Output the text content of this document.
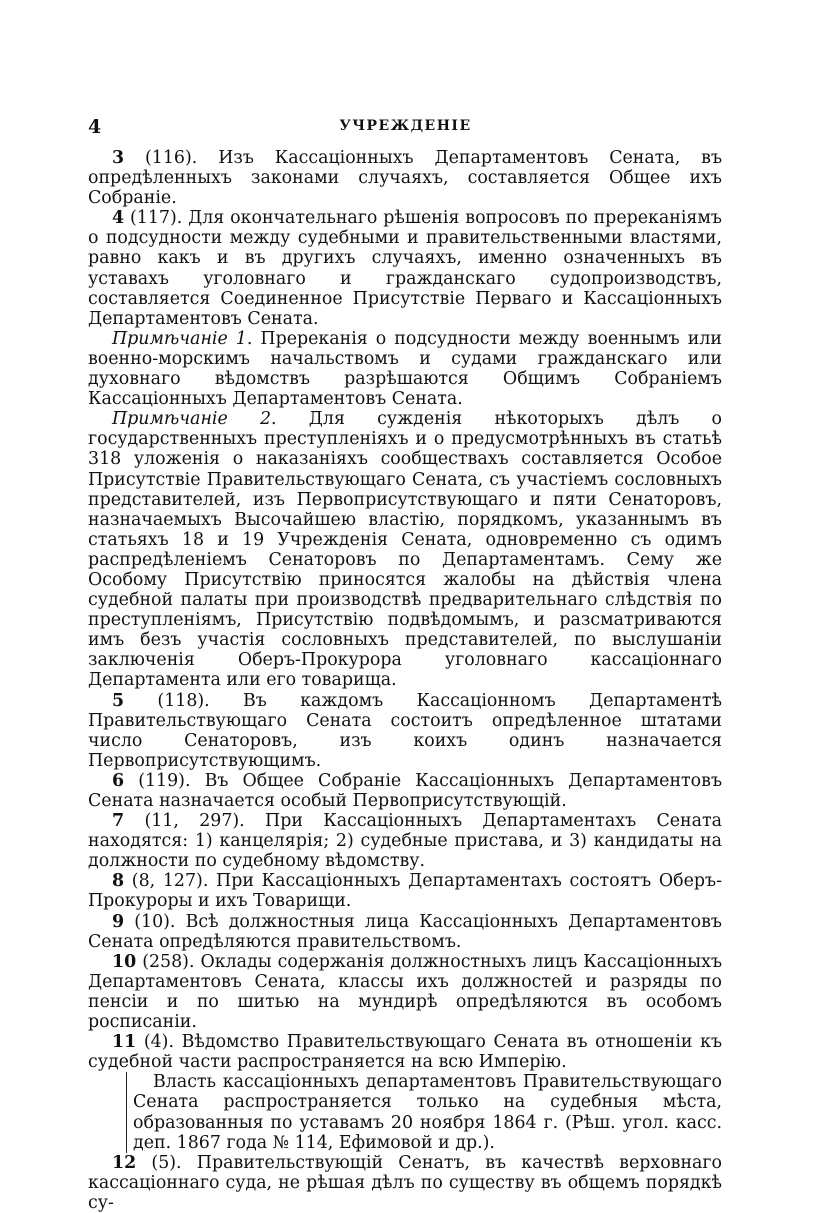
4	УЧРЕЖДЕНІЕ

3 (116). Изъ Кассаціонныхъ Департаментовъ Сената, въ опредѣленныхъ законами случаяхъ, составляется Общее ихъ Собраніе.

4 (117). Для окончательнаго рѣшенія вопросовъ по пререканіямъ о подсудности между судебными и правительственными властями, равно какъ и въ другихъ случаяхъ, именно означенныхъ въ уставахъ уголовнаго и гражданскаго судопроизводствъ, составляется Соединенное Присутствіе Перваго и Кассаціонныхъ Департаментовъ Сената.

Примѣчаніе 1. Пререканія о подсудности между военнымъ или военно-морскимъ начальствомъ и судами гражданскаго или духовнаго вѣдомствъ разрѣшаются Общимъ Собраніемъ Кассаціонныхъ Департаментовъ Сената.

Примѣчаніе 2. Для сужденія нѣкоторыхъ дѣлъ о государственныхъ преступленіяхъ и о предусмотрѣнныхъ въ статьѣ 318 уложенія о наказаніяхъ сообществахъ составляется Особое Присутствіе Правительствующаго Сената, съ участіемъ сословныхъ представителей, изъ Первоприсутствующаго и пяти Сенаторовъ, назначаемыхъ Высочайшею властію, порядкомъ, указаннымъ въ статьяхъ 18 и 19 Учрежденія Сената, одновременно съ одимъ распредѣленіемъ Сенаторовъ по Департаментамъ. Сему же Особому Присутствію приносятся жалобы на дѣйствія члена судебной палаты при производствѣ предварительнаго слѣдствія по преступленіямъ, Присутствію подвѣдомымъ, и разсматриваются имъ безъ участія сословныхъ представителей, по выслушаніи заключенія Оберъ-Прокурора уголовнаго кассаціоннаго Департамента или его товарища.

5 (118). Въ каждомъ Кассаціонномъ Департаментѣ Правительствующаго Сената состоитъ опредѣленное штатами число Сенаторовъ, изъ коихъ одинъ назначается Первоприсутствующимъ.

6 (119). Въ Общее Собраніе Кассаціонныхъ Департаментовъ Сената назначается особый Первоприсутствующій.

7 (11, 297). При Кассаціонныхъ Департаментахъ Сената находятся: 1) канцелярія; 2) судебные пристава, и 3) кандидаты на должности по судебному вѣдомству.

8 (8, 127). При Кассаціонныхъ Департаментахъ состоятъ Оберъ-Прокуроры и ихъ Товарищи.

9 (10). Всѣ должностныя лица Кассаціонныхъ Департаментовъ Сената опредѣляются правительствомъ.

10 (258). Оклады содержанія должностныхъ лицъ Кассаціонныхъ Департаментовъ Сената, классы ихъ должностей и разряды по пенсіи и по шитью на мундирѣ опредѣляются въ особомъ росписаніи.

11 (4). Вѣдомство Правительствующаго Сената въ отношеніи къ судебной части распространяется на всю Имперію.

Власть кассаціонныхъ департаментовъ Правительствующаго Сената распространяется только на судебныя мѣста, образованныя по уставамъ 20 ноября 1864 г. (Рѣш. угол. касс. деп. 1867 года № 114, Ефимовой и др.).

12 (5). Правительствующій Сенатъ, въ качествѣ верховнаго кассаціоннаго суда, не рѣшая дѣлъ по существу въ общемъ порядкѣ су-
